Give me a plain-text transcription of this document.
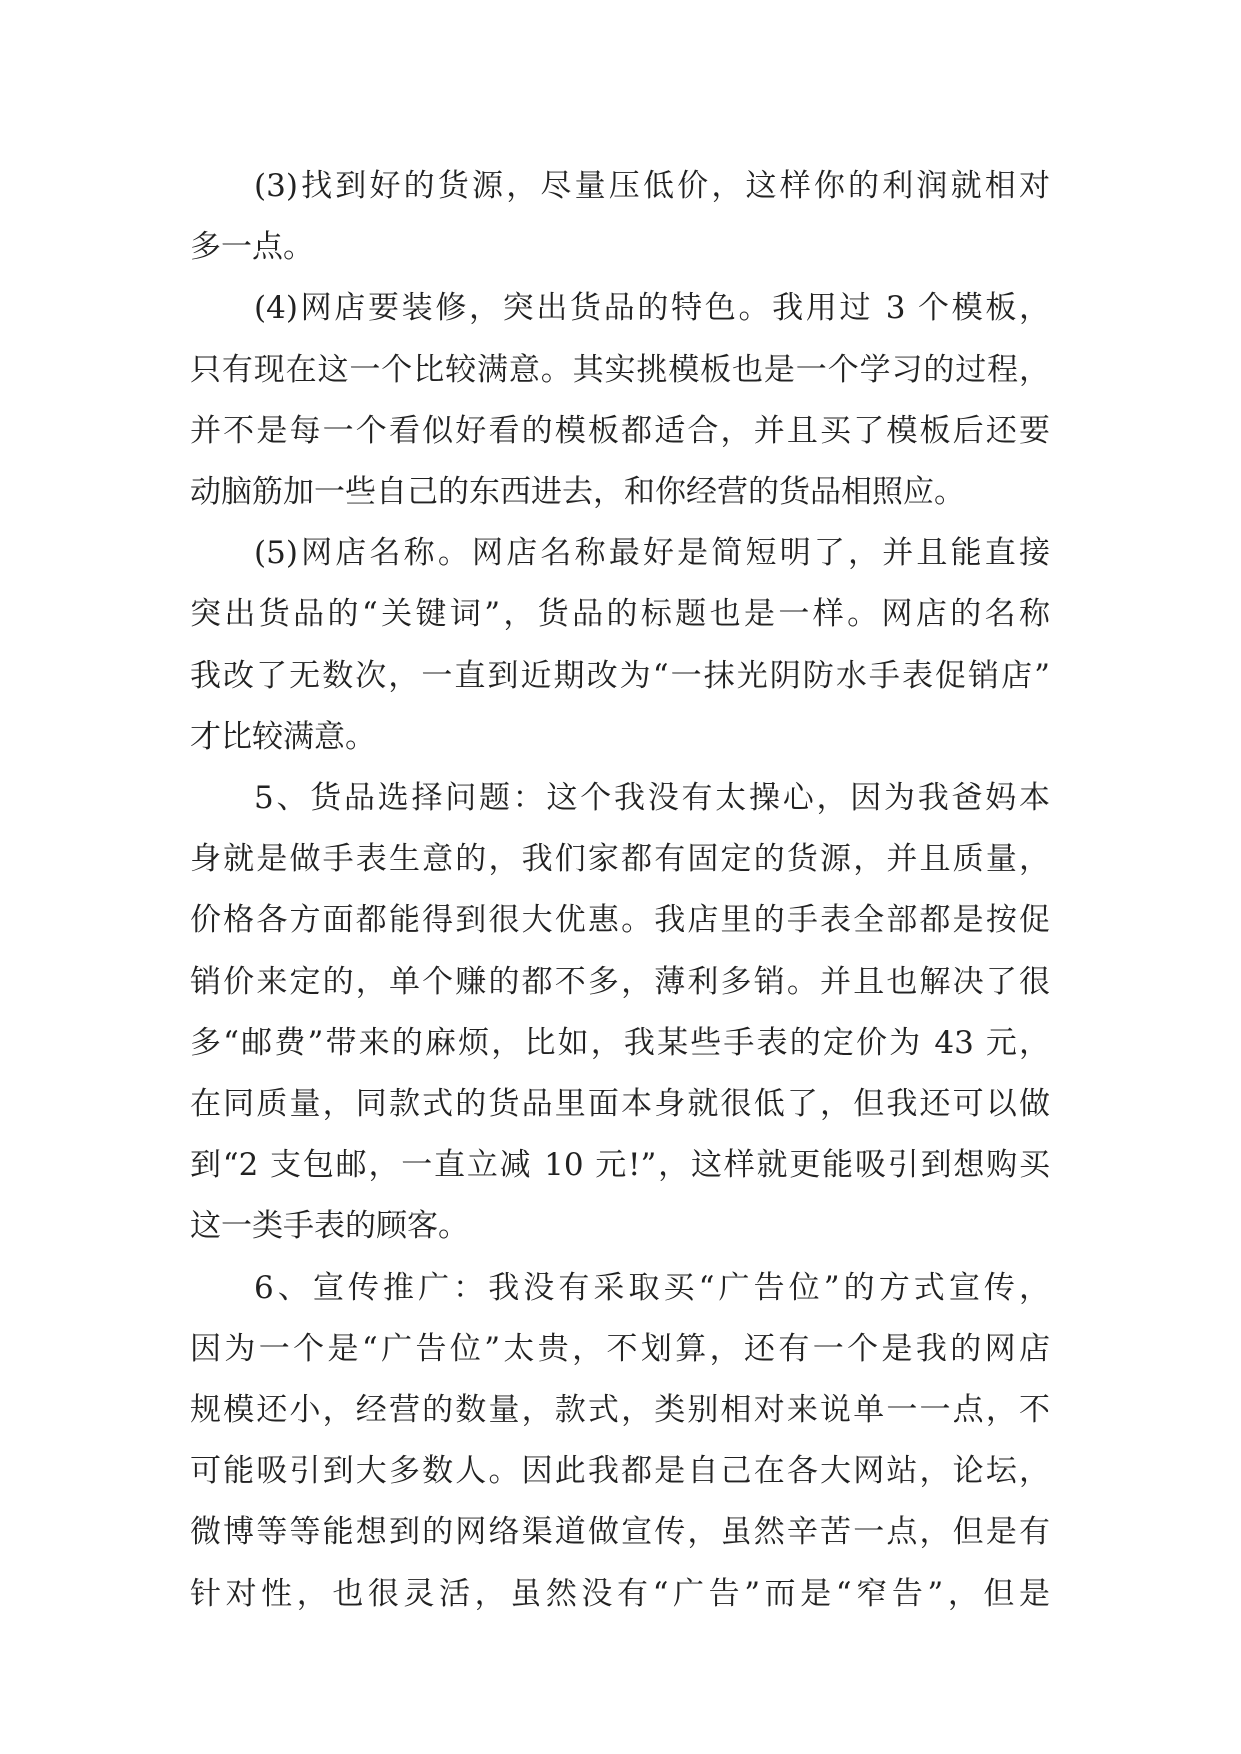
(3)找到好的货源，尽量压低价，这样你的利润就相对
多一点。
(4)网店要装修，突出货品的特色。我用过 3 个模板，
只有现在这一个比较满意。其实挑模板也是一个学习的过程，
并不是每一个看似好看的模板都适合，并且买了模板后还要
动脑筋加一些自己的东西进去，和你经营的货品相照应。
(5)网店名称。网店名称最好是简短明了，并且能直接
突出货品的“关键词”，货品的标题也是一样。网店的名称
我改了无数次，一直到近期改为“一抹光阴防水手表促销店”
才比较满意。
5、货品选择问题：这个我没有太操心，因为我爸妈本
身就是做手表生意的，我们家都有固定的货源，并且质量，
价格各方面都能得到很大优惠。我店里的手表全部都是按促
销价来定的，单个赚的都不多，薄利多销。并且也解决了很
多“邮费”带来的麻烦，比如，我某些手表的定价为 43 元，
在同质量，同款式的货品里面本身就很低了，但我还可以做
到“2 支包邮，一直立减 10 元!”，这样就更能吸引到想购买
这一类手表的顾客。
6、宣传推广：我没有采取买“广告位”的方式宣传，
因为一个是“广告位”太贵，不划算，还有一个是我的网店
规模还小，经营的数量，款式，类别相对来说单一一点，不
可能吸引到大多数人。因此我都是自己在各大网站，论坛，
微博等等能想到的网络渠道做宣传，虽然辛苦一点，但是有
针对性，也很灵活，虽然没有“广告”而是“窄告”，但是
